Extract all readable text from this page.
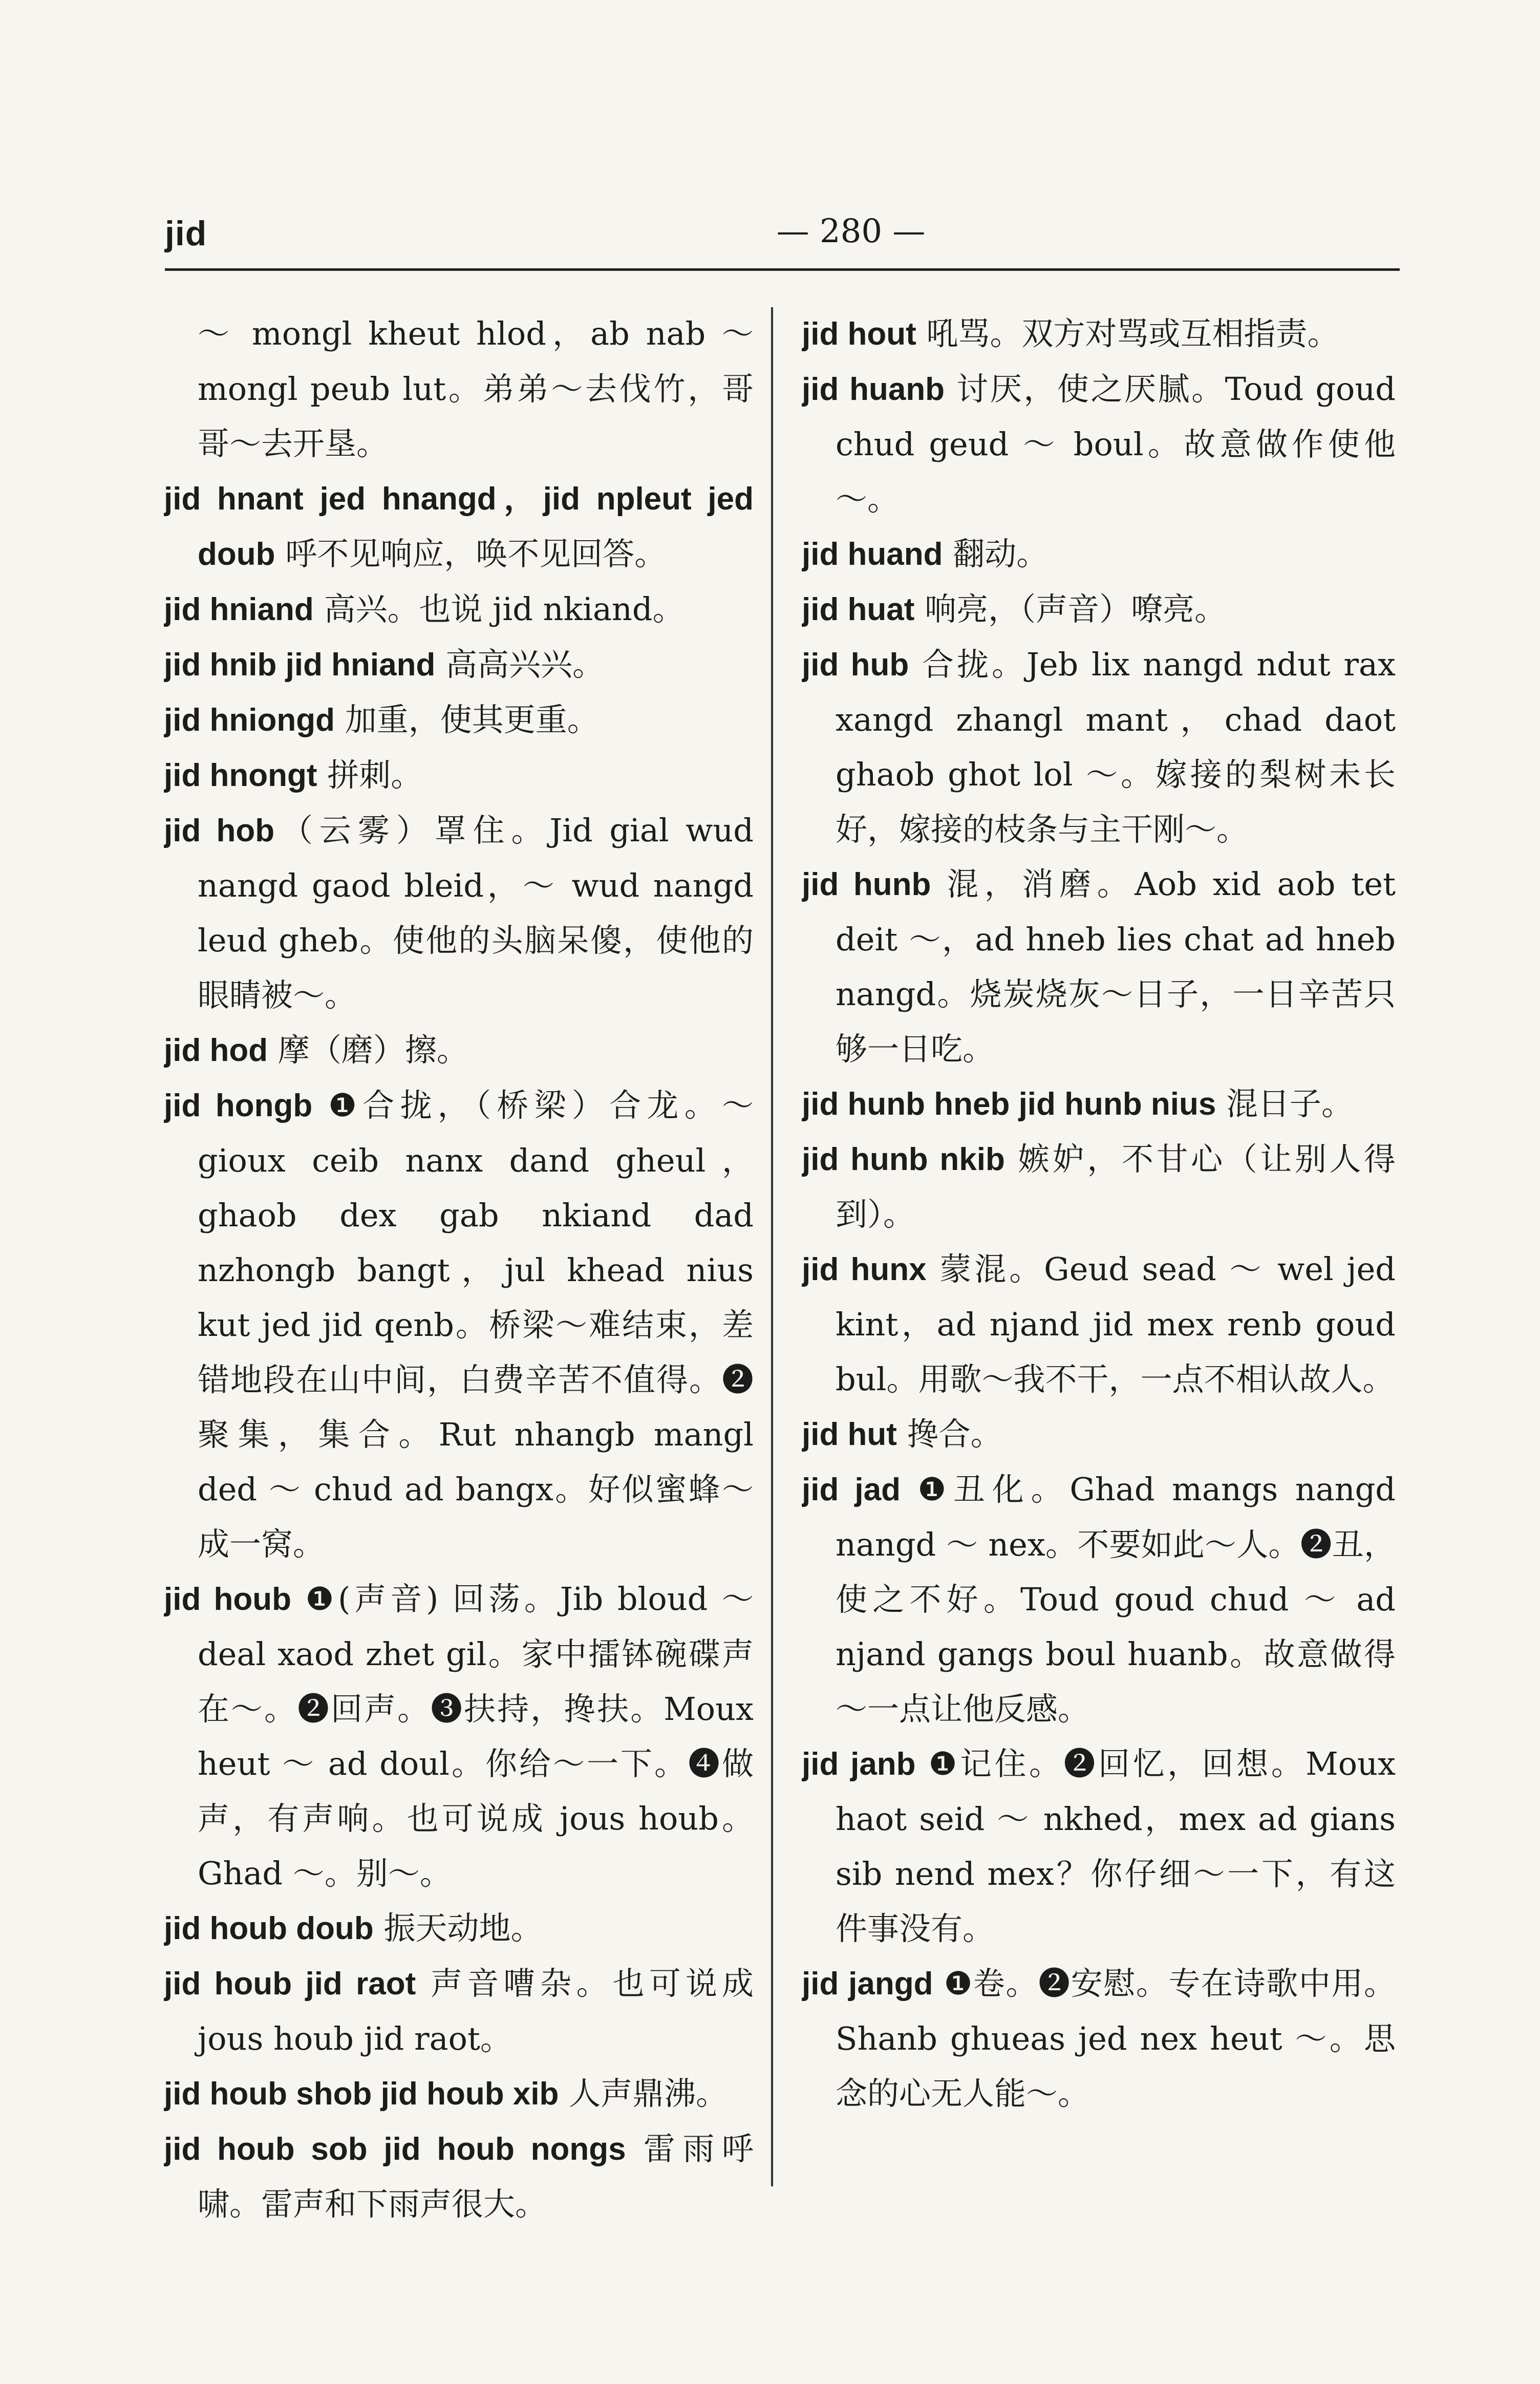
jid	— 280 —

～ mongl kheut hlod，ab nab ～ mongl peub lut。弟弟～去伐竹，哥哥～去开垦。

jid hnant jed hnangd，jid npleut jed doub 呼不见响应，唤不见回答。

jid hniand 高兴。也说 jid nkiand。

jid hnib jid hniand 高高兴兴。

jid hniongd 加重，使其更重。

jid hnongt 拼刺。

jid hob（云雾）罩住。Jid gial wud nangd gaod bleid，～ wud nangd leud gheb。使他的头脑呆傻，使他的眼睛被～。

jid hod 摩（磨）擦。

jid hongb ❶合拢，（桥梁）合龙。～ gioux ceib nanx dand gheul，ghaob dex gab nkiand dad nzhongb bangt，jul khead nius kut jed jid qenb。桥梁～难结束，差错地段在山中间，白费辛苦不值得。❷聚集，集合。Rut nhangb mangl ded ～ chud ad bangx。好似蜜蜂～成一窝。

jid houb ❶(声音) 回荡。Jib bloud ～ deal xaod zhet gil。家中擂钵碗碟声在～。❷回声。❸扶持，搀扶。Moux heut ～ ad doul。你给～一下。❹做声，有声响。也可说成 jous houb。Ghad ～。别～。

jid houb doub 振天动地。

jid houb jid raot 声音嘈杂。也可说成 jous houb jid raot。

jid houb shob jid houb xib 人声鼎沸。

jid houb sob jid houb nongs 雷雨呼啸。雷声和下雨声很大。

jid hout 吼骂。双方对骂或互相指责。

jid huanb 讨厌，使之厌腻。Toud goud chud geud ～ boul。故意做作使他～。

jid huand 翻动。

jid huat 响亮，（声音）嘹亮。

jid hub 合拢。Jeb lix nangd ndut rax xangd zhangl mant，chad daot ghaob ghot lol ～。嫁接的梨树未长好，嫁接的枝条与主干刚～。

jid hunb 混，消磨。Aob xid aob tet deit ～，ad hneb lies chat ad hneb nangd。烧炭烧灰～日子，一日辛苦只够一日吃。

jid hunb hneb jid hunb nius 混日子。

jid hunb nkib 嫉妒，不甘心（让别人得到）。

jid hunx 蒙混。Geud sead ～ wel jed kint，ad njand jid mex renb goud bul。用歌～我不干，一点不相认故人。

jid hut 搀合。

jid jad ❶丑化。Ghad mangs nangd nangd ～ nex。不要如此～人。❷丑，使之不好。Toud goud chud ～ ad njand gangs boul huanb。故意做得～一点让他反感。

jid janb ❶记住。❷回忆，回想。Moux haot seid ～ nkhed，mex ad gians sib nend mex？你仔细～一下，有这件事没有。

jid jangd ❶卷。❷安慰。专在诗歌中用。Shanb ghueas jed nex heut ～。思念的心无人能～。
